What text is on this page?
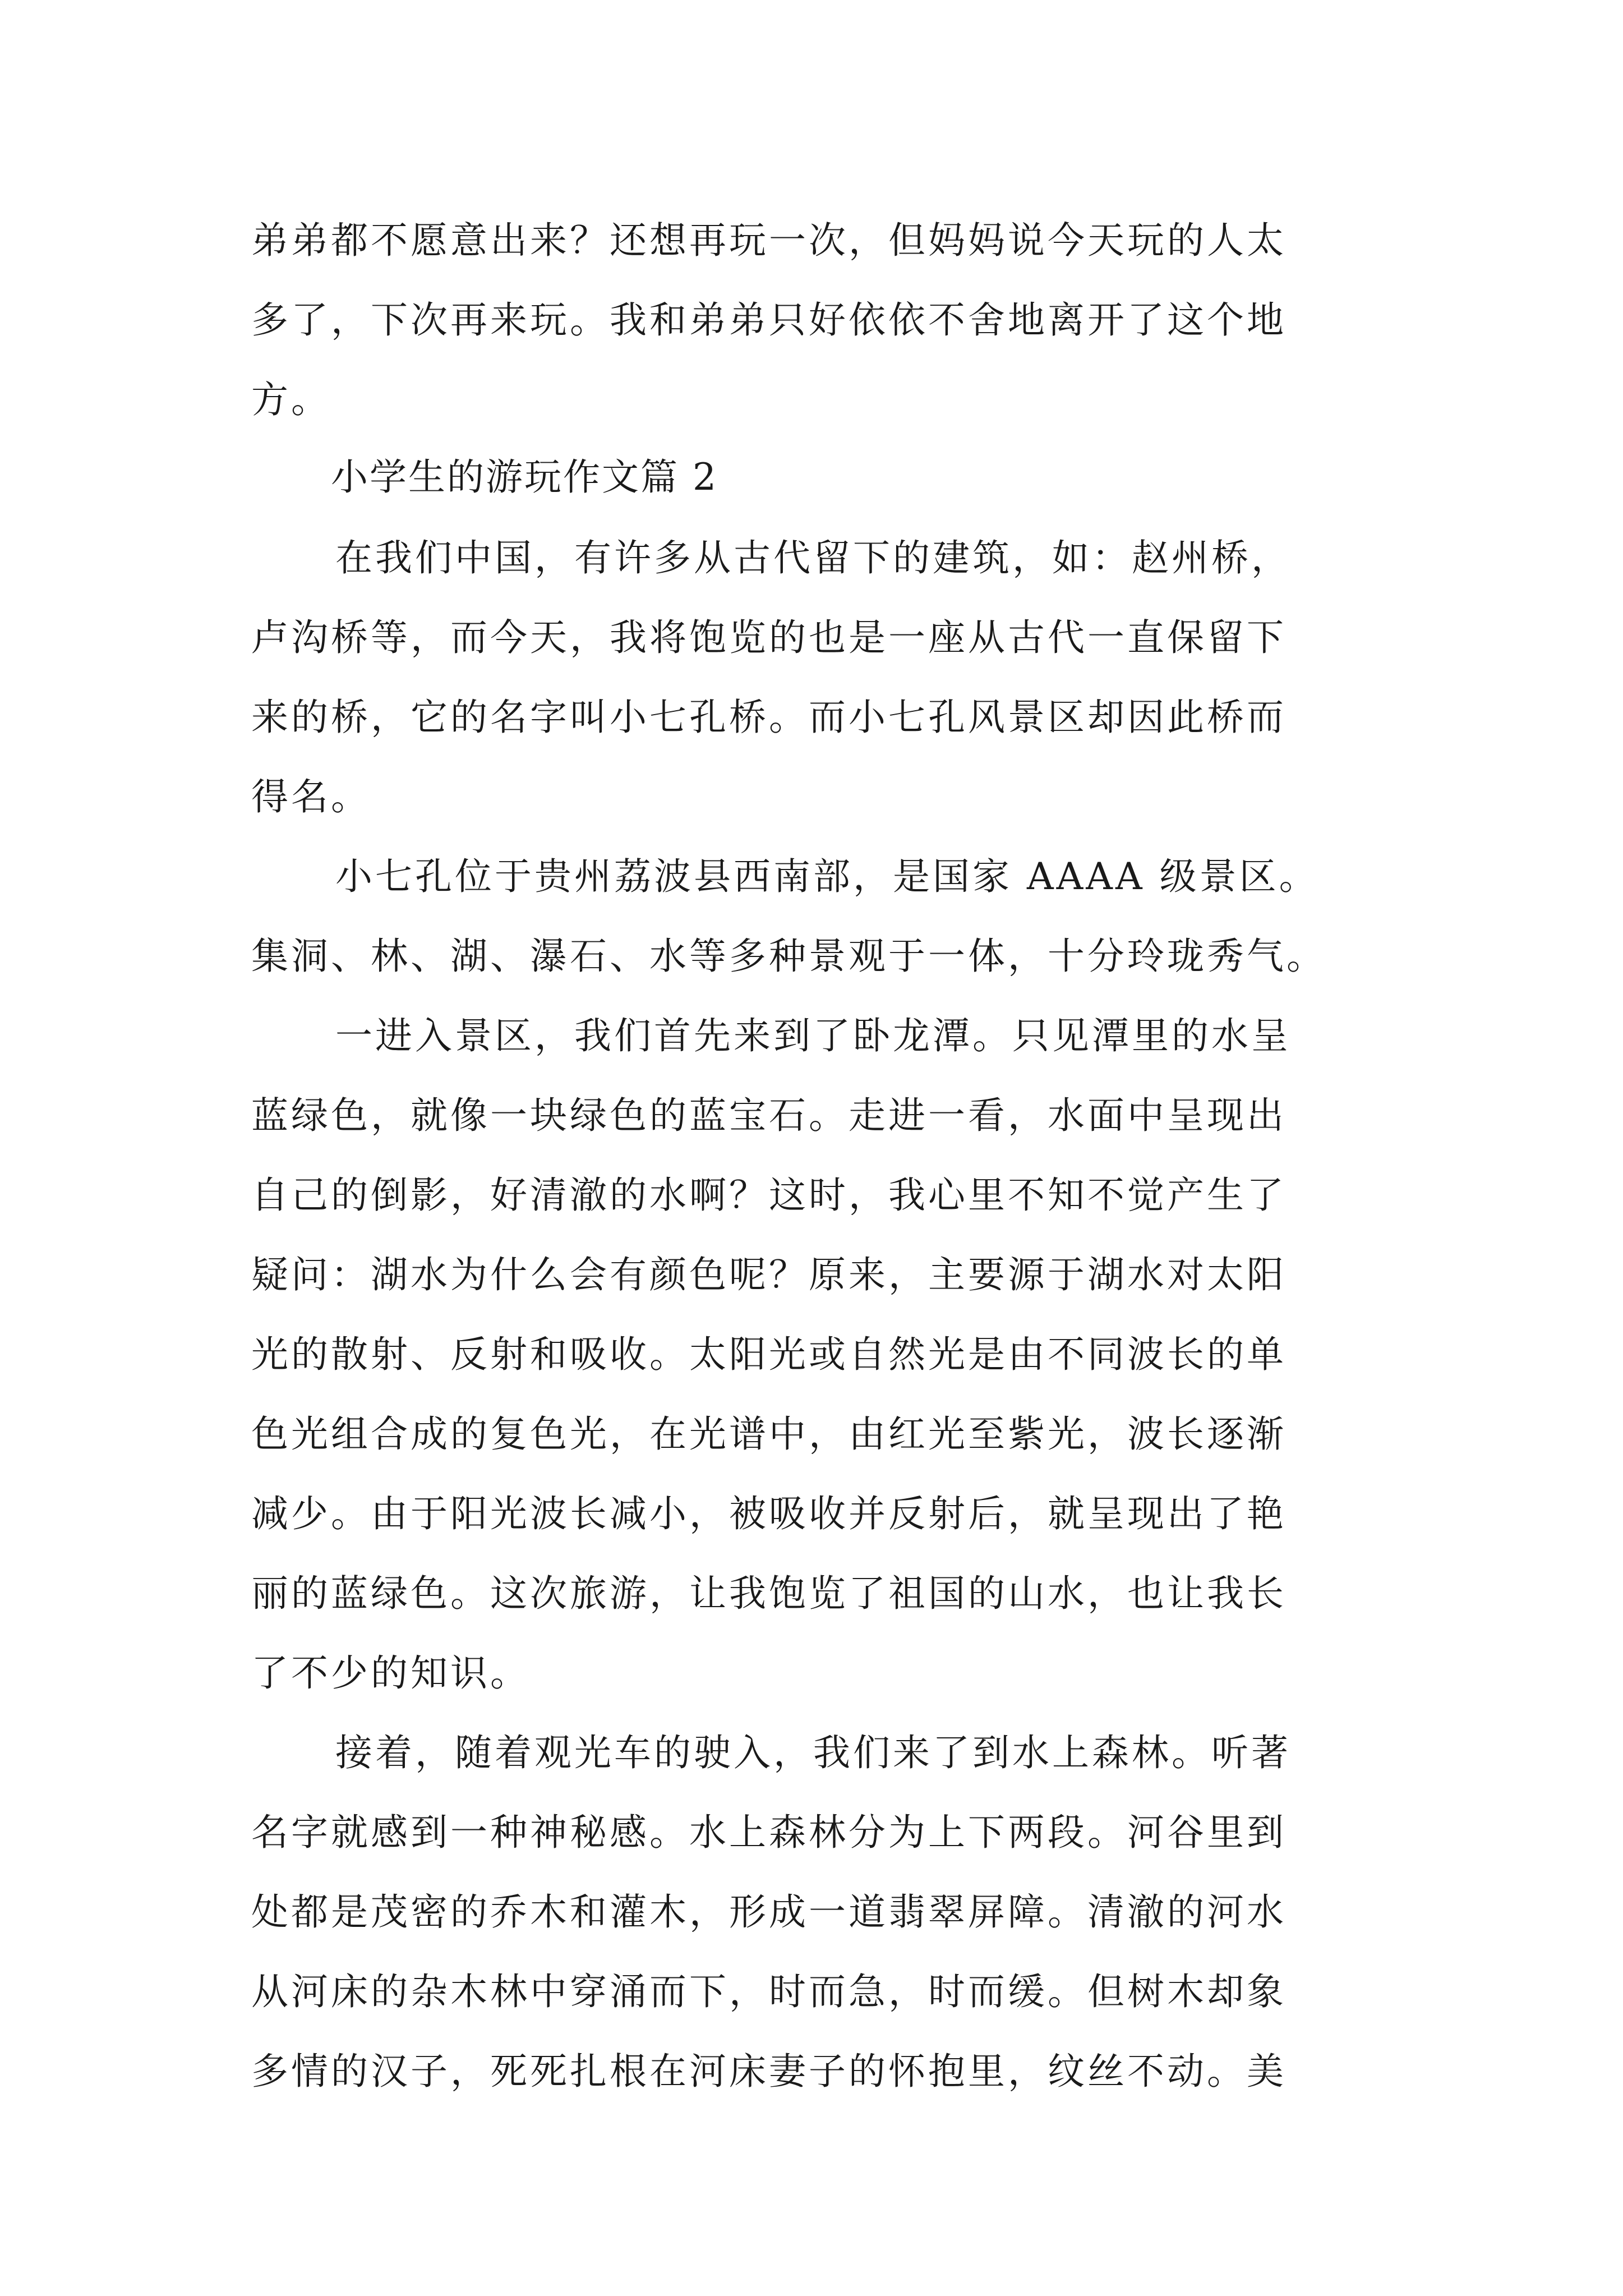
弟弟都不愿意出来？还想再玩一次，但妈妈说今天玩的人太
多了，下次再来玩。我和弟弟只好依依不舍地离开了这个地
方。
小学生的游玩作文篇 2
在我们中国，有许多从古代留下的建筑，如：赵州桥，
卢沟桥等，而今天，我将饱览的也是一座从古代一直保留下
来的桥，它的名字叫小七孔桥。而小七孔风景区却因此桥而
得名。
小七孔位于贵州荔波县西南部，是国家 AAAA 级景区。
集洞、林、湖、瀑石、水等多种景观于一体，十分玲珑秀气。
一进入景区，我们首先来到了卧龙潭。只见潭里的水呈
蓝绿色，就像一块绿色的蓝宝石。走进一看，水面中呈现出
自己的倒影，好清澈的水啊？这时，我心里不知不觉产生了
疑问：湖水为什么会有颜色呢？原来，主要源于湖水对太阳
光的散射、反射和吸收。太阳光或自然光是由不同波长的单
色光组合成的复色光，在光谱中，由红光至紫光，波长逐渐
减少。由于阳光波长减小，被吸收并反射后，就呈现出了艳
丽的蓝绿色。这次旅游，让我饱览了祖国的山水，也让我长
了不少的知识。
接着，随着观光车的驶入，我们来了到水上森林。听著
名字就感到一种神秘感。水上森林分为上下两段。河谷里到
处都是茂密的乔木和灌木，形成一道翡翠屏障。清澈的河水
从河床的杂木林中穿涌而下，时而急，时而缓。但树木却象
多情的汉子，死死扎根在河床妻子的怀抱里，纹丝不动。美
